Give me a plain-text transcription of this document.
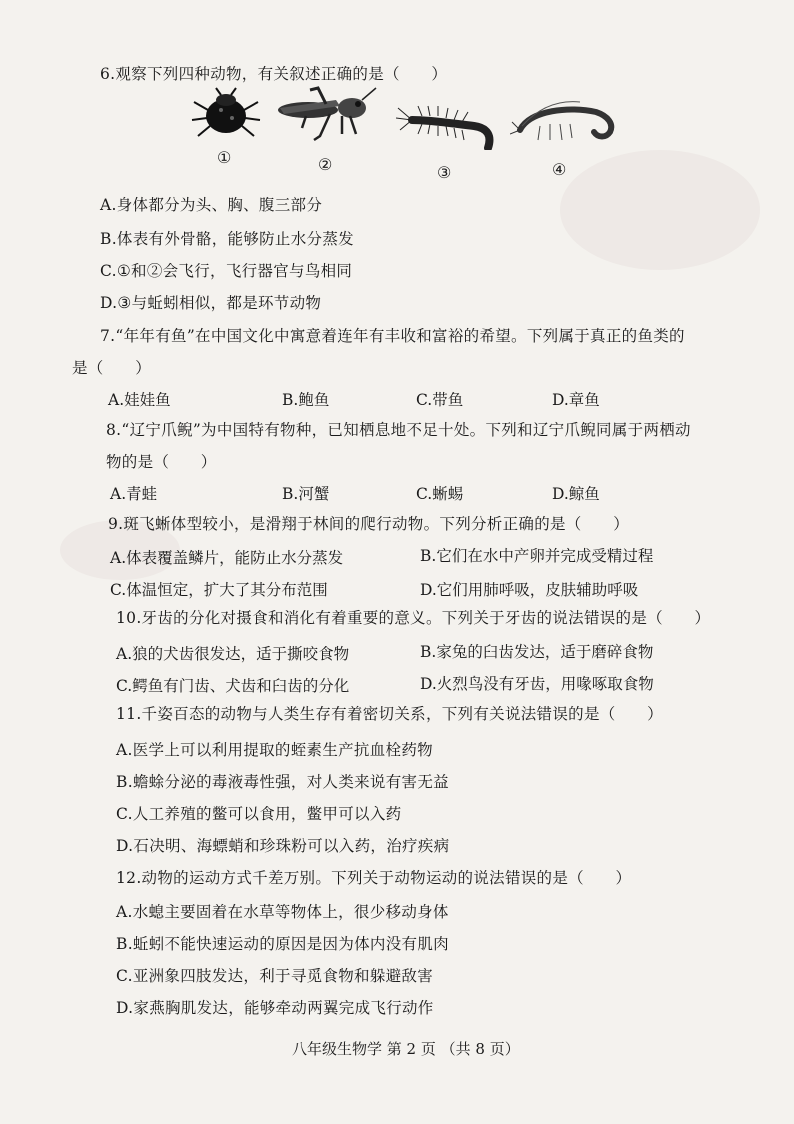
6.观察下列四种动物，有关叙述正确的是（　　）
①	②	③	④
A.身体都分为头、胸、腹三部分
B.体表有外骨骼，能够防止水分蒸发
C.①和②会飞行，飞行器官与鸟相同
D.③与蚯蚓相似，都是环节动物
7.“年年有鱼”在中国文化中寓意着连年有丰收和富裕的希望。下列属于真正的鱼类的
是（　　）
A.娃娃鱼	B.鲍鱼	C.带鱼	D.章鱼
8.“辽宁爪鲵”为中国特有物种，已知栖息地不足十处。下列和辽宁爪鲵同属于两栖动
物的是（　　）
A.青蛙	B.河蟹	C.蜥蜴	D.鲸鱼
9.斑飞蜥体型较小，是滑翔于林间的爬行动物。下列分析正确的是（　　）
A.体表覆盖鳞片，能防止水分蒸发	B.它们在水中产卵并完成受精过程
C.体温恒定，扩大了其分布范围	D.它们用肺呼吸，皮肤辅助呼吸
10.牙齿的分化对摄食和消化有着重要的意义。下列关于牙齿的说法错误的是（　　）
A.狼的犬齿很发达，适于撕咬食物	B.家兔的臼齿发达，适于磨碎食物
C.鳄鱼有门齿、犬齿和臼齿的分化	D.火烈鸟没有牙齿，用喙啄取食物
11.千姿百态的动物与人类生存有着密切关系，下列有关说法错误的是（　　）
A.医学上可以利用提取的蛭素生产抗血栓药物
B.蟾蜍分泌的毒液毒性强，对人类来说有害无益
C.人工养殖的鳖可以食用，鳖甲可以入药
D.石决明、海螵蛸和珍珠粉可以入药，治疗疾病
12.动物的运动方式千差万别。下列关于动物运动的说法错误的是（　　）
A.水螅主要固着在水草等物体上，很少移动身体
B.蚯蚓不能快速运动的原因是因为体内没有肌肉
C.亚洲象四肢发达，利于寻觅食物和躲避敌害
D.家燕胸肌发达，能够牵动两翼完成飞行动作
八年级生物学 第 2 页 （共 8 页）
